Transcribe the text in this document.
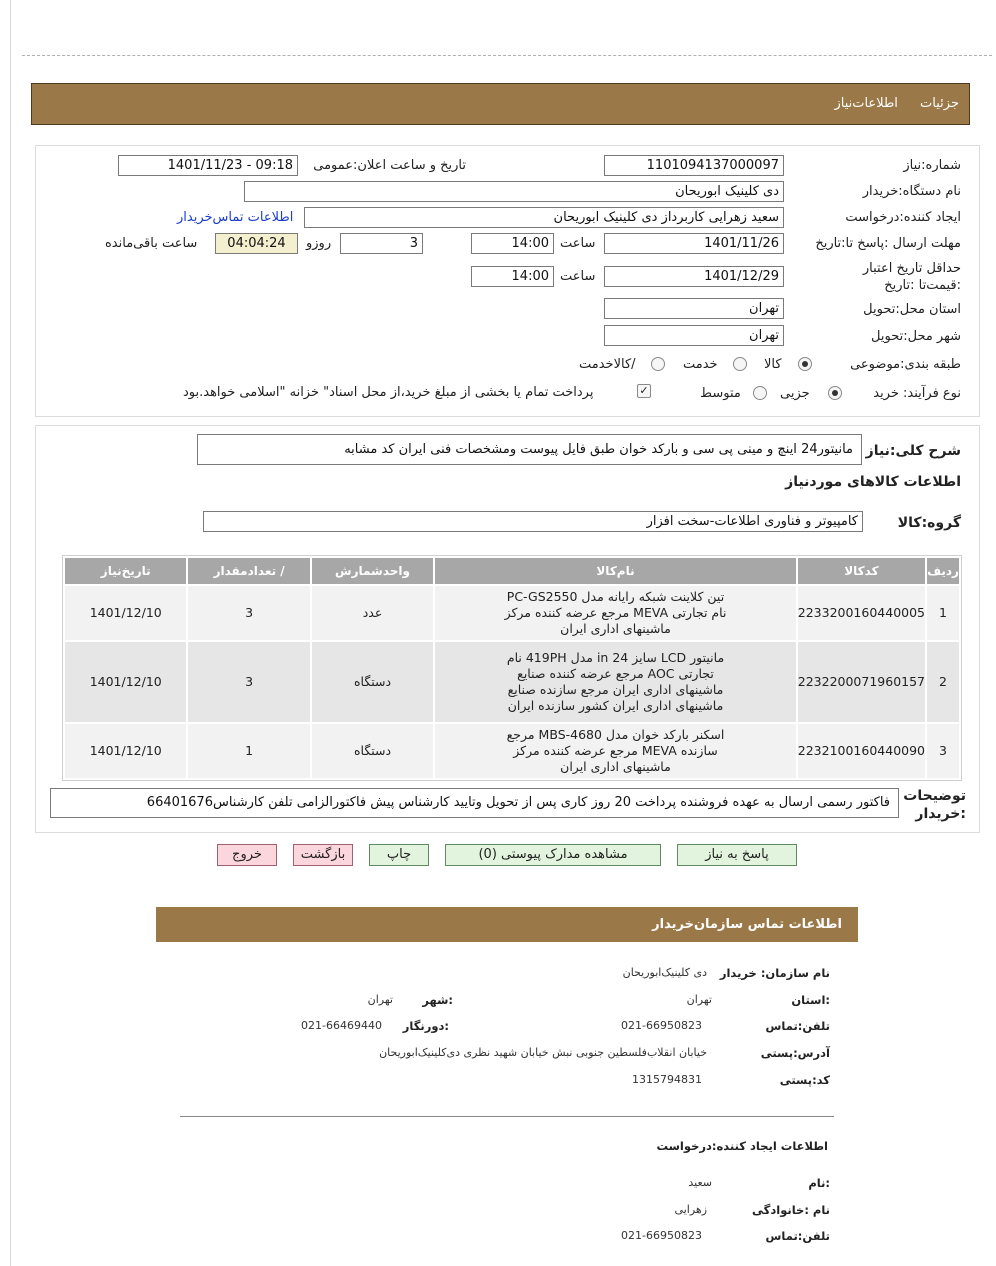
جزئیات اطلاعات‌نیاز
شماره:نیاز
1101094137000097
تاریخ و ساعت اعلان:عمومی
1401/11/23 - 09:18
نام دستگاه:خریدار
دی کلینیک ابوریحان
ایجاد کننده:درخواست
سعید زهرایی کاربرداز دی کلینیک ابوریحان
اطلاعات تماس‌خریدار
مهلت ارسال :پاسخ تا:تاریخ
1401/11/26
ساعت
14:00
3
روزو
04:04:24
ساعت باقی‌مانده
حداقل تاریخ اعتبار :قیمت‌تا :تاریخ
1401/12/29
ساعت
14:00
استان محل:تحویل
تهران
شهر محل:تحویل
تهران
طبقه بندی:موضوعی
کالا
خدمت
/کالاخدمت
نوع فرآیند: خرید
جزیی
متوسط
✓
پرداخت تمام یا بخشی از مبلغ خرید،از محل اسناد" خزانه "اسلامی خواهد.بود
شرح کلی:نیاز
مانیتور24 اینچ و مینی پی سی و بارکد خوان طبق فایل پیوست ومشخصات فنی ایران کد مشابه
اطلاعات کالاهای موردنیاز
گروه:کالا
کامپیوتر و فناوری اطلاعات-سخت افزار
ردیف	کدکالا	نام‌کالا	واحدشمارش	/ تعدادمقدار	تاریخ‌نیاز
1	2233200160440005	تین کلاینت شبکه رایانه مدل PC-GS2550 نام تجارتی MEVA مرجع عرضه کننده مرکز ماشینهای اداری ایران	عدد	3	1401/12/10
2	2232200071960157	مانیتور LCD سایز 24 in مدل 419PH نام تجارتی AOC مرجع عرضه کننده صنایع ماشینهای اداری ایران مرجع سازنده صنایع ماشینهای اداری ایران کشور سازنده ایران	دستگاه	3	1401/12/10
3	2232100160440090	اسکنر بارکد خوان مدل MBS-4680 مرجع سازنده MEVA مرجع عرضه کننده مرکز ماشینهای اداری ایران	دستگاه	1	1401/12/10
توضیحات :خریدار
فاکتور رسمی ارسال به عهده فروشنده پرداخت 20 روز کاری پس از تحویل وتایید کارشناس پیش فاکتورالزامی تلفن کارشناس66401676
پاسخ به نیاز
مشاهده مدارک پیوستی (0)
چاپ
بازگشت
خروج
اطلاعات تماس سازمان‌خریدار
نام سازمان: خریدار
دی کلینیک‌ابوریحان
:استان
تهران
:شهر
تهران
تلفن:تماس
021-66950823
:دورنگار
021-66469440
آدرس:پستی
خیابان انقلاب‌فلسطین جنوبی نبش خیابان شهید نظری دی‌کلینیک‌ابوریحان
کد:پستی
1315794831
اطلاعات ایجاد کننده:درخواست
:نام
سعید
نام :خانوادگی
زهرایی
تلفن:تماس
021-66950823
